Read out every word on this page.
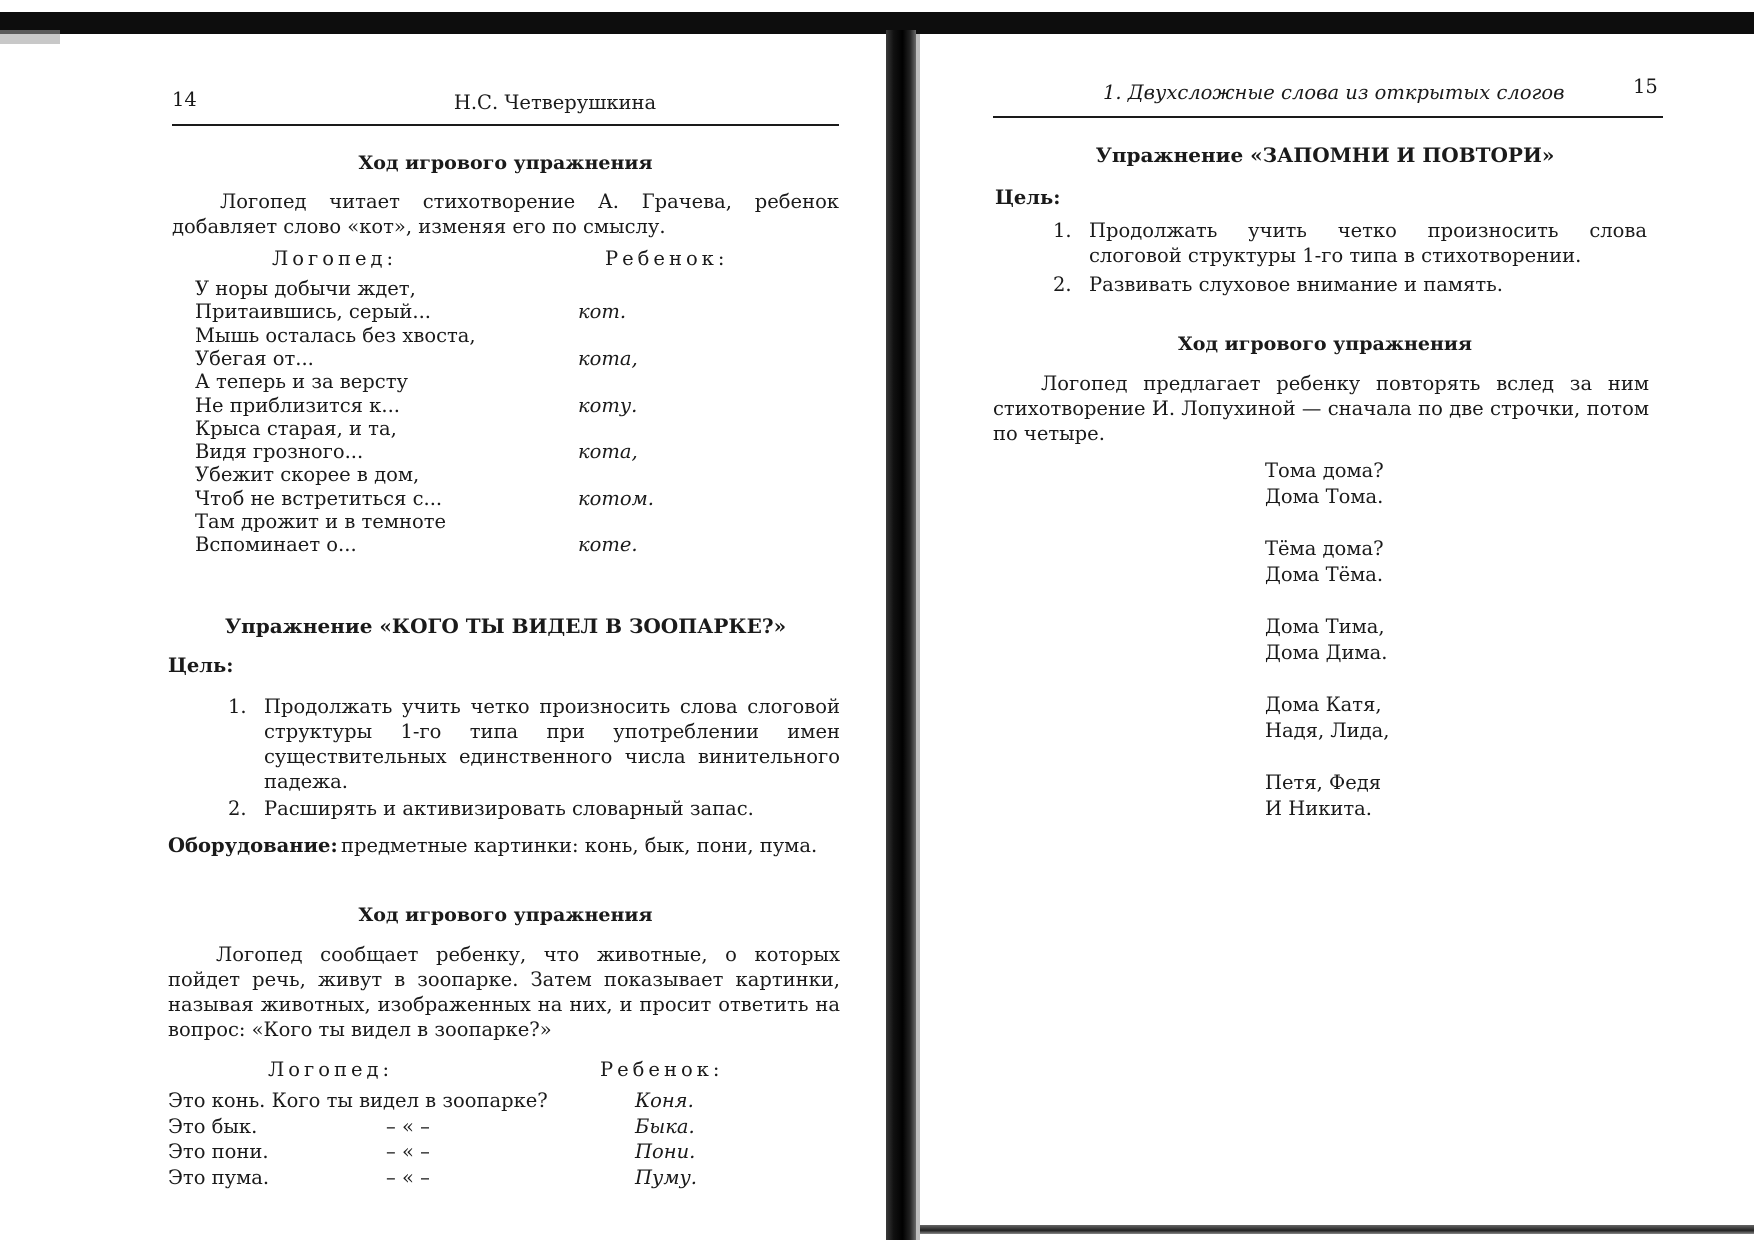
14	Н.С. Четверушкина
Ход игрового упражнения
Логопед читает стихотворение А. Грачева, ребенок добавляет слово «кот», изменяя его по смыслу.
Логопед:	Ребенок:
У норы добычи ждет,
Притаившись, серый...	кот.
Мышь осталась без хвоста,
Убегая от...	кота,
А теперь и за версту
Не приблизится к...	коту.
Крыса старая, и та,
Видя грозного...	кота,
Убежит скорее в дом,
Чтоб не встретиться с...	котом.
Там дрожит и в темноте
Вспоминает о...	коте.
Упражнение «КОГО ТЫ ВИДЕЛ В ЗООПАРКЕ?»
Цель:
1. Продолжать учить четко произносить слова слоговой структуры 1-го типа при употреблении имен существительных единственного числа винительного падежа.
2. Расширять и активизировать словарный запас.
Оборудование: предметные картинки: конь, бык, пони, пума.
Ход игрового упражнения
Логопед сообщает ребенку, что животные, о которых пойдет речь, живут в зоопарке. Затем показывает картинки, называя животных, изображенных на них, и просит ответить на вопрос: «Кого ты видел в зоопарке?»
Логопед:	Ребенок:
Это конь. Кого ты видел в зоопарке?	Коня.
Это бык.	– « –	Быка.
Это пони.	– « –	Пони.
Это пума.	– « –	Пуму.
1. Двухсложные слова из открытых слогов	15
Упражнение «ЗАПОМНИ И ПОВТОРИ»
Цель:
1. Продолжать учить четко произносить слова слоговой структуры 1-го типа в стихотворении.
2. Развивать слуховое внимание и память.
Ход игрового упражнения
Логопед предлагает ребенку повторять вслед за ним стихотворение И. Лопухиной — сначала по две строчки, потом по четыре.
Тома дома?
Дома Тома.
Тёма дома?
Дома Тёма.
Дома Тима,
Дома Дима.
Дома Катя,
Надя, Лида,
Петя, Федя
И Никита.
